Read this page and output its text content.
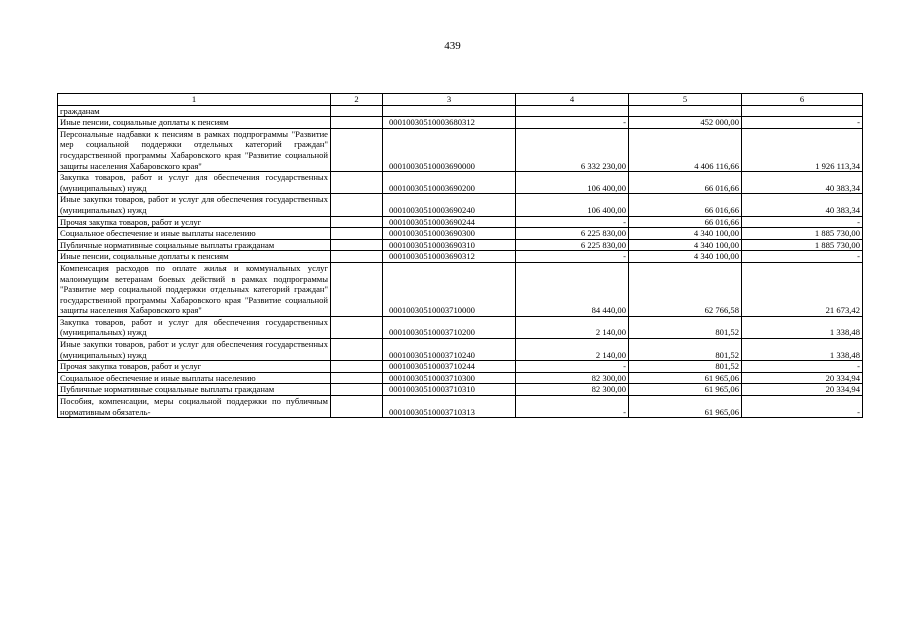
439
1	2	3	4	5	6
гражданам					
Иные пенсии, социальные доплаты к пенсиям		00010030510003680312	-	452 000,00	-
Персональные надбавки к пенсиям в рамках подпрограммы "Развитие мер социальной поддержки отдельных категорий граждан" государственной программы Хабаровского края "Развитие социальной защиты населения Хабаровского края"		00010030510003690000	6 332 230,00	4 406 116,66	1 926 113,34
Закупка товаров, работ и услуг для обеспечения государственных (муниципальных) нужд		00010030510003690200	106 400,00	66 016,66	40 383,34
Иные закупки товаров, работ и услуг для обеспечения государственных (муниципальных) нужд		00010030510003690240	106 400,00	66 016,66	40 383,34
Прочая закупка товаров, работ и услуг		00010030510003690244	-	66 016,66	-
Социальное обеспечение и иные выплаты населению		00010030510003690300	6 225 830,00	4 340 100,00	1 885 730,00
Публичные нормативные социальные выплаты гражданам		00010030510003690310	6 225 830,00	4 340 100,00	1 885 730,00
Иные пенсии, социальные доплаты к пенсиям		00010030510003690312	-	4 340 100,00	-
Компенсация расходов по оплате жилья и коммунальных услуг малоимущим ветеранам боевых действий в рамках подпрограммы "Развитие мер социальной поддержки отдельных категорий граждан" государственной программы Хабаровского края "Развитие социальной защиты населения Хабаровского края"		00010030510003710000	84 440,00	62 766,58	21 673,42
Закупка товаров, работ и услуг для обеспечения государственных (муниципальных) нужд		00010030510003710200	2 140,00	801,52	1 338,48
Иные закупки товаров, работ и услуг для обеспечения государственных (муниципальных) нужд		00010030510003710240	2 140,00	801,52	1 338,48
Прочая закупка товаров, работ и услуг		00010030510003710244	-	801,52	-
Социальное обеспечение и иные выплаты населению		00010030510003710300	82 300,00	61 965,06	20 334,94
Публичные нормативные социальные выплаты гражданам		00010030510003710310	82 300,00	61 965,06	20 334,94
Пособия, компенсации, меры социальной поддержки по публичным нормативным обязатель-		00010030510003710313	-	61 965,06	-
